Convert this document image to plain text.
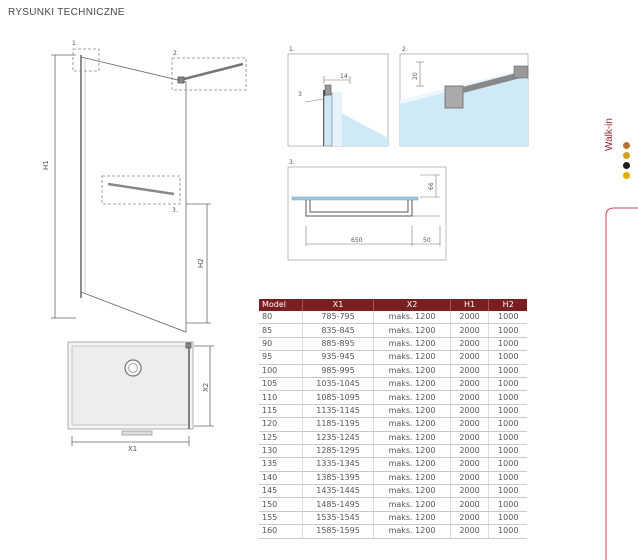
RYSUNKI TECHNICZNE
1.
2.
3.
H1
H2
X1
X2
1.
14
3
2.
20
3.
650	50
66
Walk-in
Model	X1	X2	H1	H2
80	785-795	maks. 1200	2000	1000
85	835-845	maks. 1200	2000	1000
90	885-895	maks. 1200	2000	1000
95	935-945	maks. 1200	2000	1000
100	985-995	maks. 1200	2000	1000
105	1035-1045	maks. 1200	2000	1000
110	1085-1095	maks. 1200	2000	1000
115	1135-1145	maks. 1200	2000	1000
120	1185-1195	maks. 1200	2000	1000
125	1235-1245	maks. 1200	2000	1000
130	1285-1295	maks. 1200	2000	1000
135	1335-1345	maks. 1200	2000	1000
140	1385-1395	maks. 1200	2000	1000
145	1435-1445	maks. 1200	2000	1000
150	1485-1495	maks. 1200	2000	1000
155	1535-1545	maks. 1200	2000	1000
160	1585-1595	maks. 1200	2000	1000
